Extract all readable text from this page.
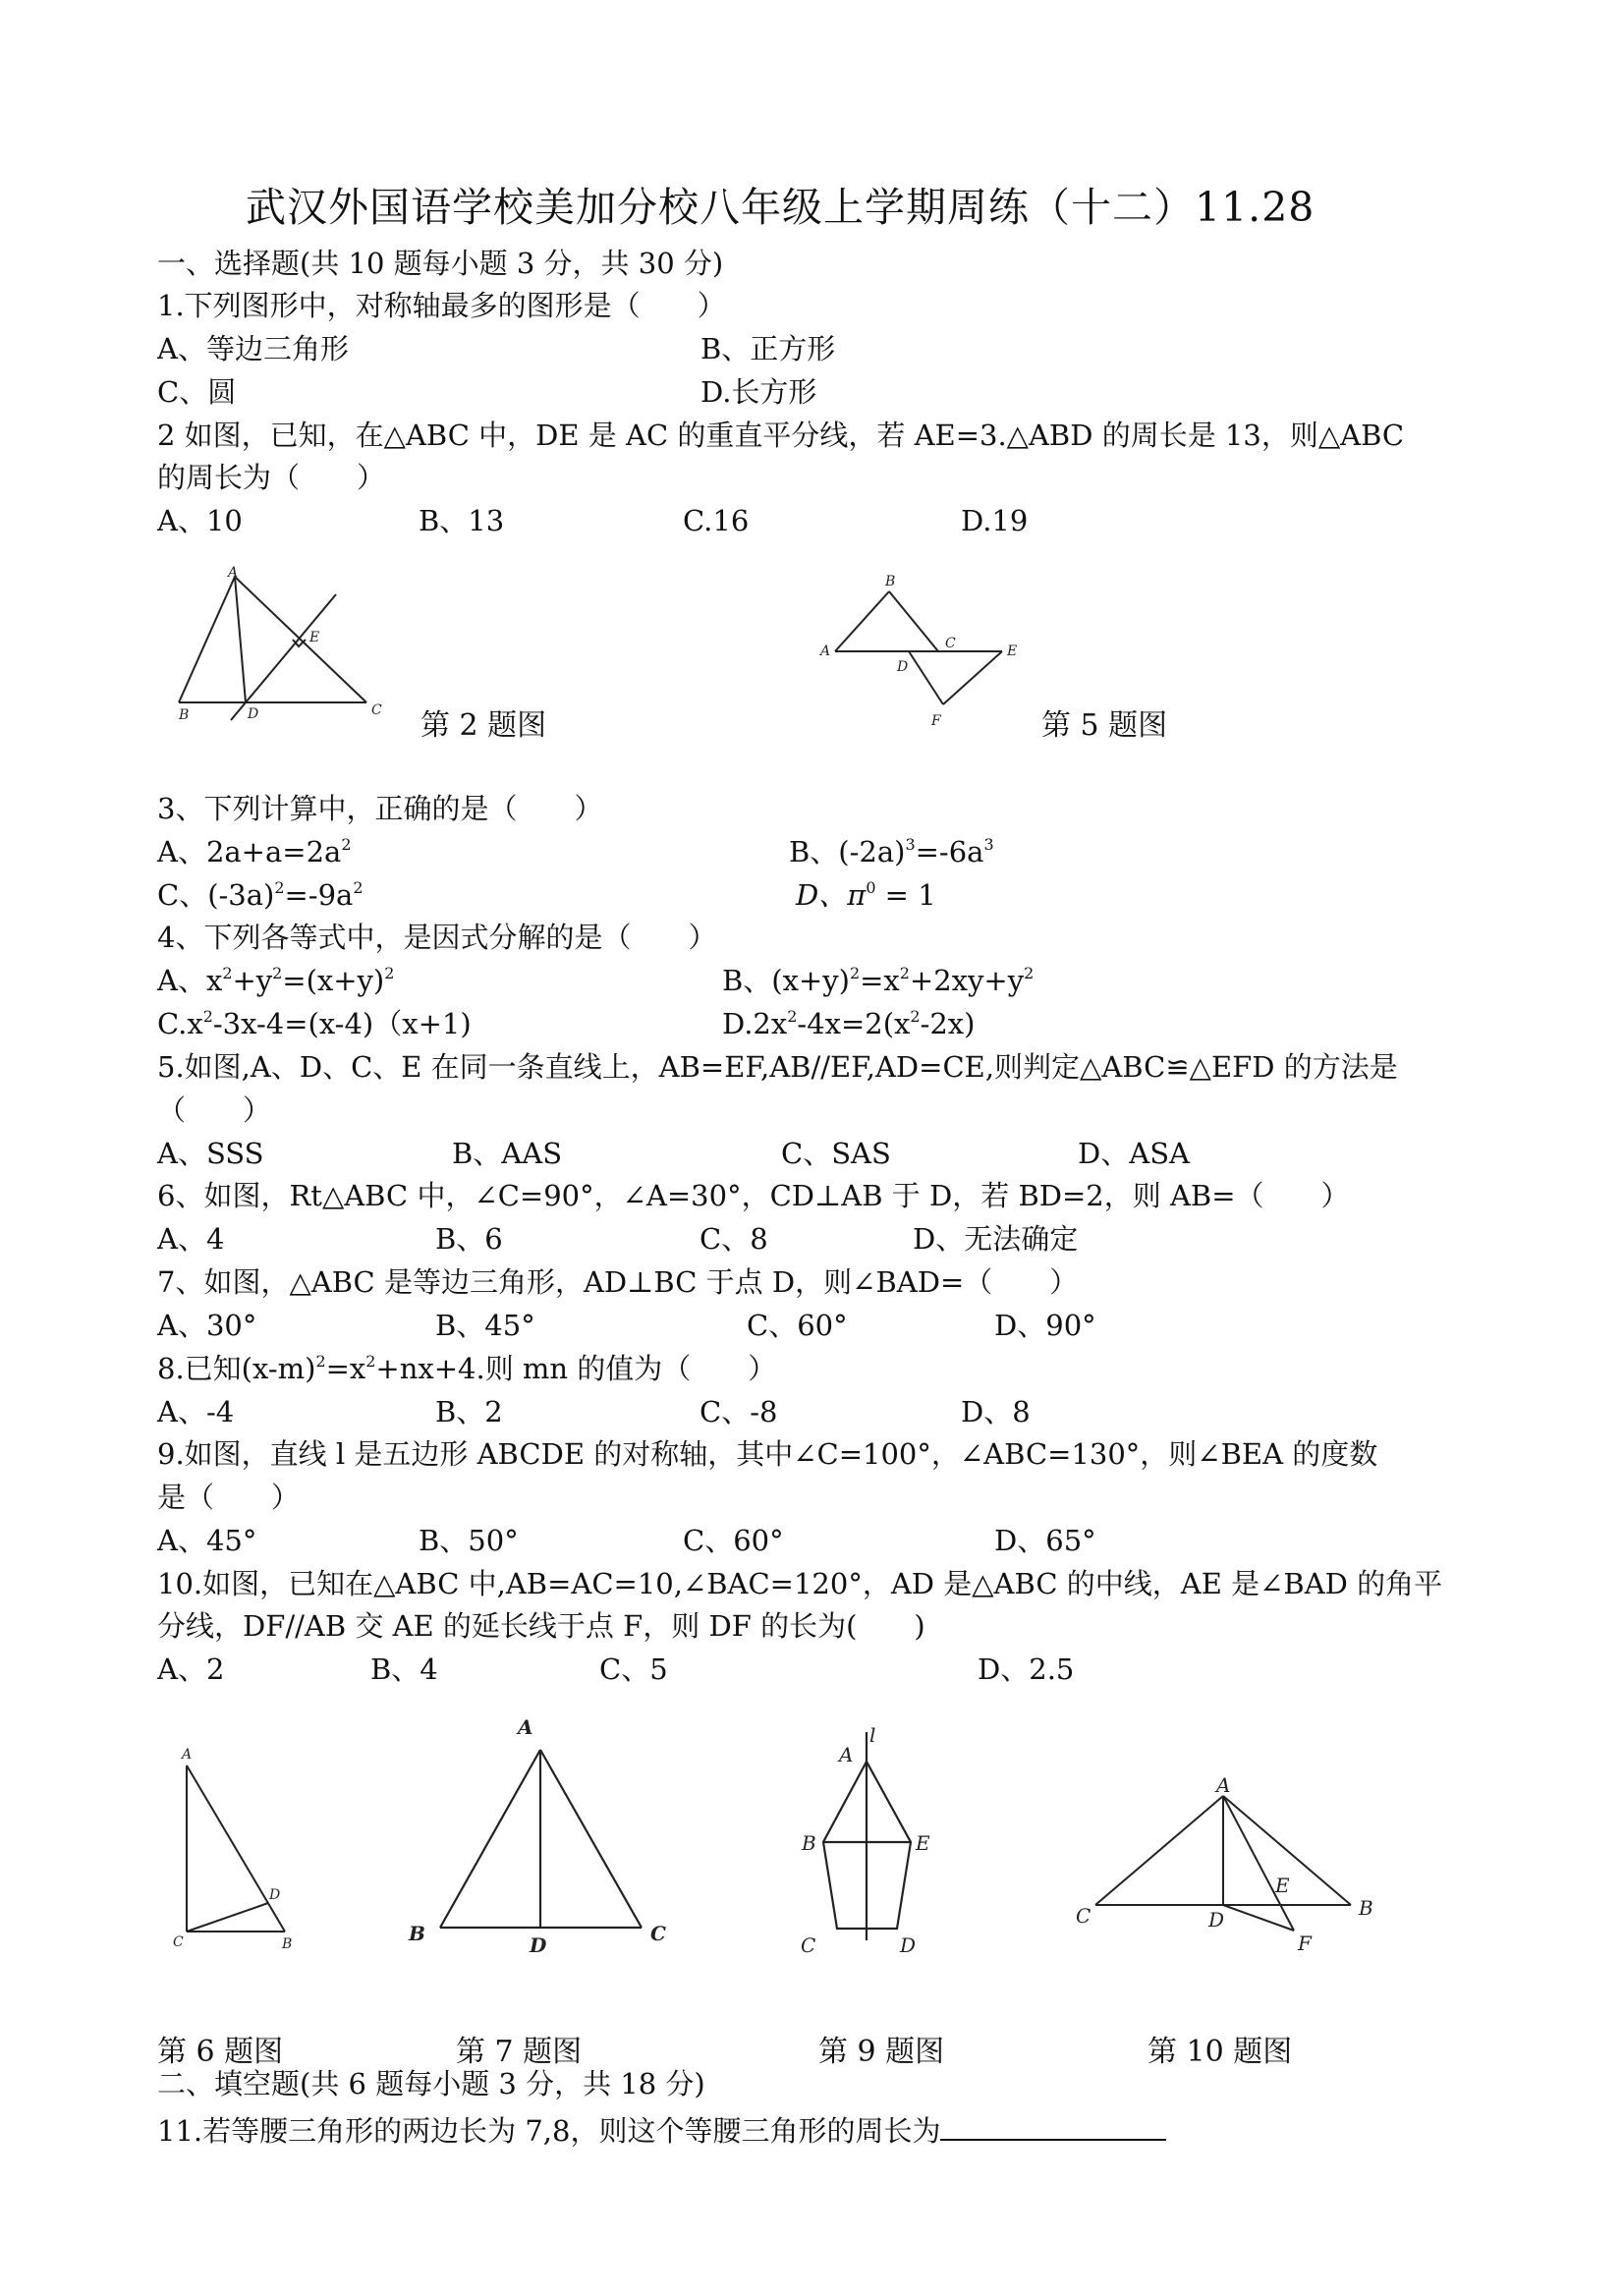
武汉外国语学校美加分校八年级上学期周练（十二）11.28
一、选择题(共 10 题每小题 3 分，共 30 分)
1.下列图形中，对称轴最多的图形是（　　）
A、等边三角形	B、正方形
C、圆	D.长方形
2 如图，已知，在△ABC 中，DE 是 AC 的重直平分线，若 AE=3.△ABD 的周长是 13，则△ABC
的周长为（　　）
A、10	B、13	C.16	D.19
A
B	D	C
E
第 2 题图
A
B
C
D
E
F	第 5 题图
3、下列计算中，正确的是（　　）
A、$2a+a=2a^2$	B、$(-2a)^3=-6a^3$
C、$(-3a)^2=-9a^2$	D、$\pi^0 = 1$
4、下列各等式中，是因式分解的是（　　）
A、$x^2+y^2=(x+y)^2$	B、$(x+y)^2=x^2+2xy+y^2$
$C.x^2-3x-4=(x-4)(x+1)$	$D.2x^2-4x=2(x^2-2x)$
5.如图,A、D、C、E 在同一条直线上，AB=EF,AB//EF,AD=CE,则判定△ABC≌△EFD 的方法是
（　　）
A、SSS	B、AAS	C、SAS	D、ASA
6、如图，Rt△ABC 中，∠C=90°，∠A=30°，CD⊥AB 于 D，若 BD=2，则 AB=（　　）
A、4	B、6	C、8	D、无法确定
7、如图，△ABC 是等边三角形，AD⊥BC 于点 D，则∠BAD=（　　）
A、30°	B、45°	C、60°	D、90°
8.已知$(x-m)^2=x^2+nx+4$.则 mn 的值为（　　）
A、-4	B、2	C、-8	D、8
9.如图，直线 l 是五边形 ABCDE 的对称轴，其中∠C=100°，∠ABC=130°，则∠BEA 的度数
是（　　）
A、45°	B、50°	C、60°	D、65°
10.如图，已知在△ABC 中,AB=AC=10,∠BAC=120°，AD 是△ABC 的中线，AE 是∠BAD 的角平
分线，DF//AB 交 AE 的延长线于点 F，则 DF 的长为(　　)
A、2	B、4	C、5	D、2.5
A
C	B
D
第 6 题图
A
B	C
D
第 7 题图
A
l
B	E
C	D
第 9 题图
A
C	B
D
E
F
第 10 题图
二、填空题(共 6 题每小题 3 分，共 18 分)
11.若等腰三角形的两边长为 7,8，则这个等腰三角形的周长为
